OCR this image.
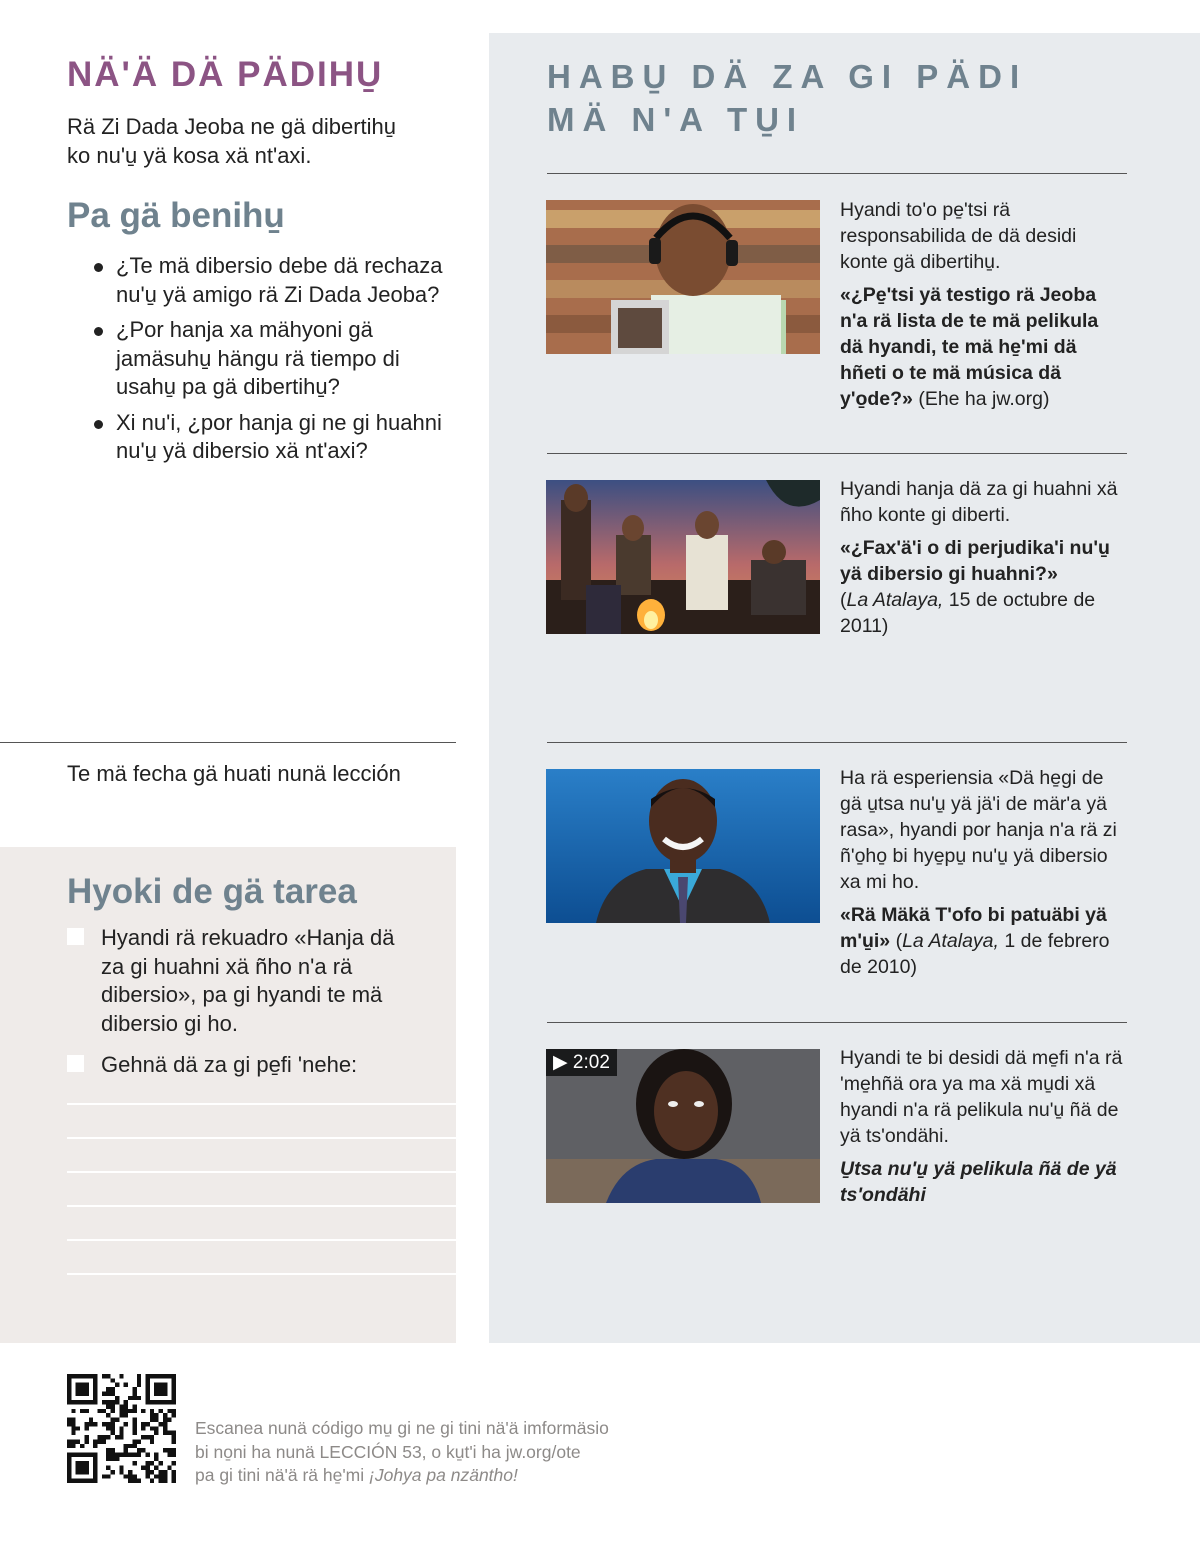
NÄ'Ä DÄ PÄDIHU̱
Rä Zi Dada Jeoba ne gä dibertihu̱
ko nu'u̱ yä kosa xä nt'axi.
Pa gä benihu̱
¿Te mä dibersio debe dä rechaza nu'u̱ yä amigo rä Zi Dada Jeoba?
¿Por hanja xa mähyoni gä jamäsuhu̱ hängu rä tiempo di usahu̱ pa gä dibertihu̱?
Xi nu'i, ¿por hanja gi ne gi huahni nu'u̱ yä dibersio xä nt'axi?
Te mä fecha gä huati nunä lección
Hyoki de gä tarea
Hyandi rä rekuadro «Hanja dä za gi huahni xä ñho n'a rä dibersio», pa gi hyandi te mä dibersio gi ho.
Gehnä dä za gi pe̱fi 'nehe:
HABU̱ DÄ ZA GI PÄDI
MÄ N'A TU̱I
Hyandi to'o pe̱'tsi rä responsabilida de dä desidi konte gä dibertihu̱.
«¿Pe̱'tsi yä testigo rä Jeoba n'a rä lista de te mä pelikula dä hyandi, te mä he̱'mi dä hñeti o te mä música dä y'o̱de?» (Ehe ha jw.org)
Hyandi hanja dä za gi huahni xä ñho konte gi diberti.
«¿Fax'ä'i o di perjudika'i nu'u̱ yä dibersio gi huahni?»
(La Atalaya, 15 de octubre de 2011)
Ha rä esperiensia «Dä he̱gi de gä u̱tsa nu'u̱ yä jä'i de mär'a yä rasa», hyandi por hanja n'a rä zi ñ'o̱ho̱ bi hye̱pu̱ nu'u̱ yä dibersio xa mi ho.
«Rä Mäkä T'ofo bi patuäbi yä m'u̱i» (La Atalaya, 1 de febrero de 2010)
▶ 2:02	Hyandi te bi desidi dä me̱fi n'a rä 'me̱hñä ora ya ma xä mu̱di xä hyandi n'a rä pelikula nu'u̱ ñä de yä ts'ondähi.
U̱tsa nu'u̱ yä pelikula ñä de yä ts'ondähi
Escanea nunä código mu̱ gi ne gi tini nä'ä imformäsio
bi no̱ni ha nunä LECCIÓN 53, o ku̱t'i ha jw.org/ote
pa gi tini nä'ä rä he̱'mi ¡Johya pa nzäntho!
